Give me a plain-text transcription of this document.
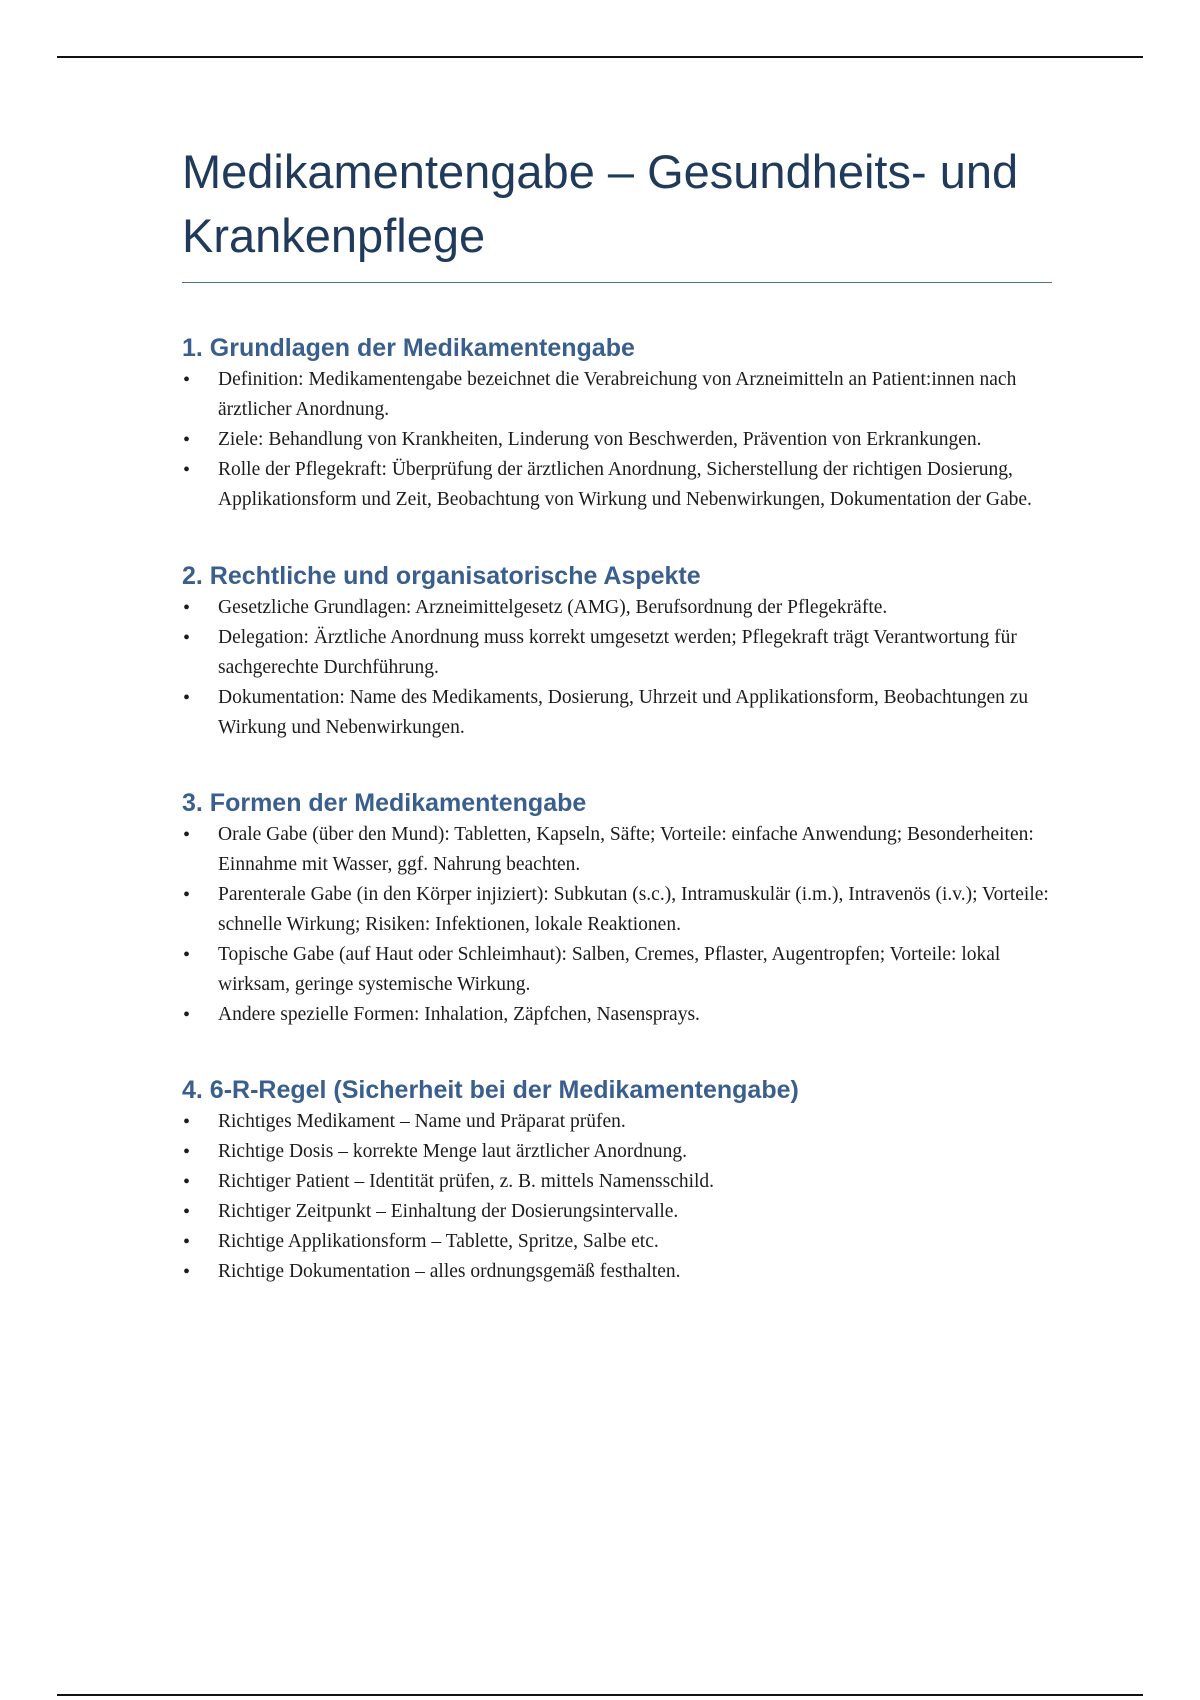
Medikamentengabe – Gesundheits- und Krankenpflege
1. Grundlagen der Medikamentengabe
• Definition: Medikamentengabe bezeichnet die Verabreichung von Arzneimitteln an Patient:innen nach ärztlicher Anordnung.
• Ziele: Behandlung von Krankheiten, Linderung von Beschwerden, Prävention von Erkrankungen.
• Rolle der Pflegekraft: Überprüfung der ärztlichen Anordnung, Sicherstellung der richtigen Dosierung, Applikationsform und Zeit, Beobachtung von Wirkung und Nebenwirkungen, Dokumentation der Gabe.
2. Rechtliche und organisatorische Aspekte
• Gesetzliche Grundlagen: Arzneimittelgesetz (AMG), Berufsordnung der Pflegekräfte.
• Delegation: Ärztliche Anordnung muss korrekt umgesetzt werden; Pflegekraft trägt Verantwortung für sachgerechte Durchführung.
• Dokumentation: Name des Medikaments, Dosierung, Uhrzeit und Applikationsform, Beobachtungen zu Wirkung und Nebenwirkungen.
3. Formen der Medikamentengabe
• Orale Gabe (über den Mund): Tabletten, Kapseln, Säfte; Vorteile: einfache Anwendung; Besonderheiten: Einnahme mit Wasser, ggf. Nahrung beachten.
• Parenterale Gabe (in den Körper injiziert): Subkutan (s.c.), Intramuskulär (i.m.), Intravenös (i.v.); Vorteile: schnelle Wirkung; Risiken: Infektionen, lokale Reaktionen.
• Topische Gabe (auf Haut oder Schleimhaut): Salben, Cremes, Pflaster, Augentropfen; Vorteile: lokal wirksam, geringe systemische Wirkung.
• Andere spezielle Formen: Inhalation, Zäpfchen, Nasensprays.
4. 6-R-Regel (Sicherheit bei der Medikamentengabe)
• Richtiges Medikament – Name und Präparat prüfen.
• Richtige Dosis – korrekte Menge laut ärztlicher Anordnung.
• Richtiger Patient – Identität prüfen, z. B. mittels Namensschild.
• Richtiger Zeitpunkt – Einhaltung der Dosierungsintervalle.
• Richtige Applikationsform – Tablette, Spritze, Salbe etc.
• Richtige Dokumentation – alles ordnungsgemäß festhalten.
